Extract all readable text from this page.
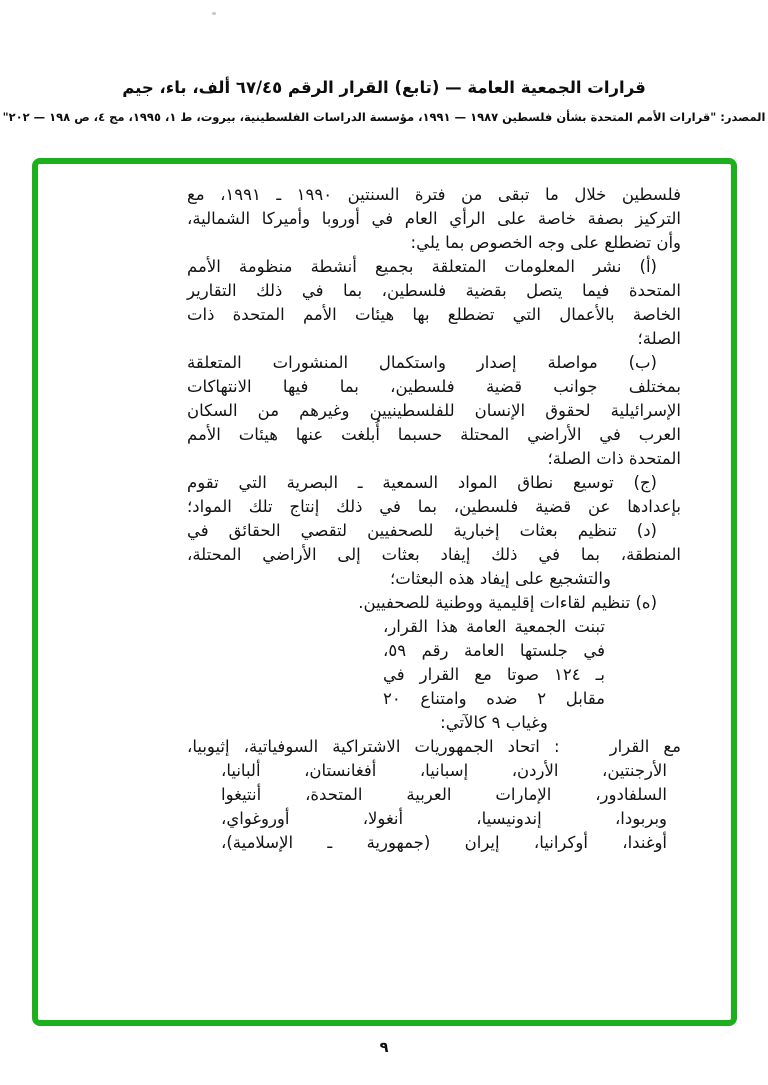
قرارات الجمعية العامة — (تابع) القرار الرقم ٦٧/٤٥ ألف، باء، جيم
المصدر: "قرارات الأمم المتحدة بشأن فلسطين ١٩٨٧ — ١٩٩١، مؤسسة الدراسات الفلسطينية، بيروت، ط ١، ١٩٩٥، مج ٤، ص ١٩٨ — ٢٠٢"
فلسطين خلال ما تبقى من فترة السنتين ١٩٩٠ ـ ١٩٩١، مع
التركيز بصفة خاصة على الرأي العام في أوروبا وأميركا الشمالية،
وأن تضطلع على وجه الخصوص بما يلي:
(أ) نشر المعلومات المتعلقة بجميع أنشطة منظومة الأمم
المتحدة فيما يتصل بقضية فلسطين، بما في ذلك التقارير
الخاصة بالأعمال التي تضطلع بها هيئات الأمم المتحدة ذات
الصلة؛
(ب) مواصلة إصدار واستكمال المنشورات المتعلقة
بمختلف جوانب قضية فلسطين، بما فيها الانتهاكات
الإسرائيلية لحقوق الإنسان للفلسطينيين وغيرهم من السكان
العرب في الأراضي المحتلة حسبما أُبلغت عنها هيئات الأمم
المتحدة ذات الصلة؛
(ج) توسيع نطاق المواد السمعية ـ البصرية التي تقوم
بإعدادها عن قضية فلسطين، بما في ذلك إنتاج تلك المواد؛
(د) تنظيم بعثات إخبارية للصحفيين لتقصي الحقائق في
المنطقة، بما في ذلك إيفاد بعثات إلى الأراضي المحتلة،
والتشجيع على إيفاد هذه البعثات؛
(ه) تنظيم لقاءات إقليمية ووطنية للصحفيين.
تبنت الجمعية العامة هذا القرار،
في جلستها العامة رقم ٥٩،
بـ ١٢٤ صوتا مع القرار في
مقابل ٢ ضده وامتناع ٢٠
وغياب ٩ كالآتي:
مع القرار  : اتحاد الجمهوريات الاشتراكية السوفياتية، إثيوبيا،
الأرجنتين، الأردن، إسبانيا، أفغانستان، ألبانيا،
السلفادور، الإمارات العربية المتحدة، أنتيغوا
وبربودا، إندونيسيا، أنغولا، أوروغواي،
أوغندا، أوكرانيا، إيران (جمهورية ـ الإسلامية)،
٩
